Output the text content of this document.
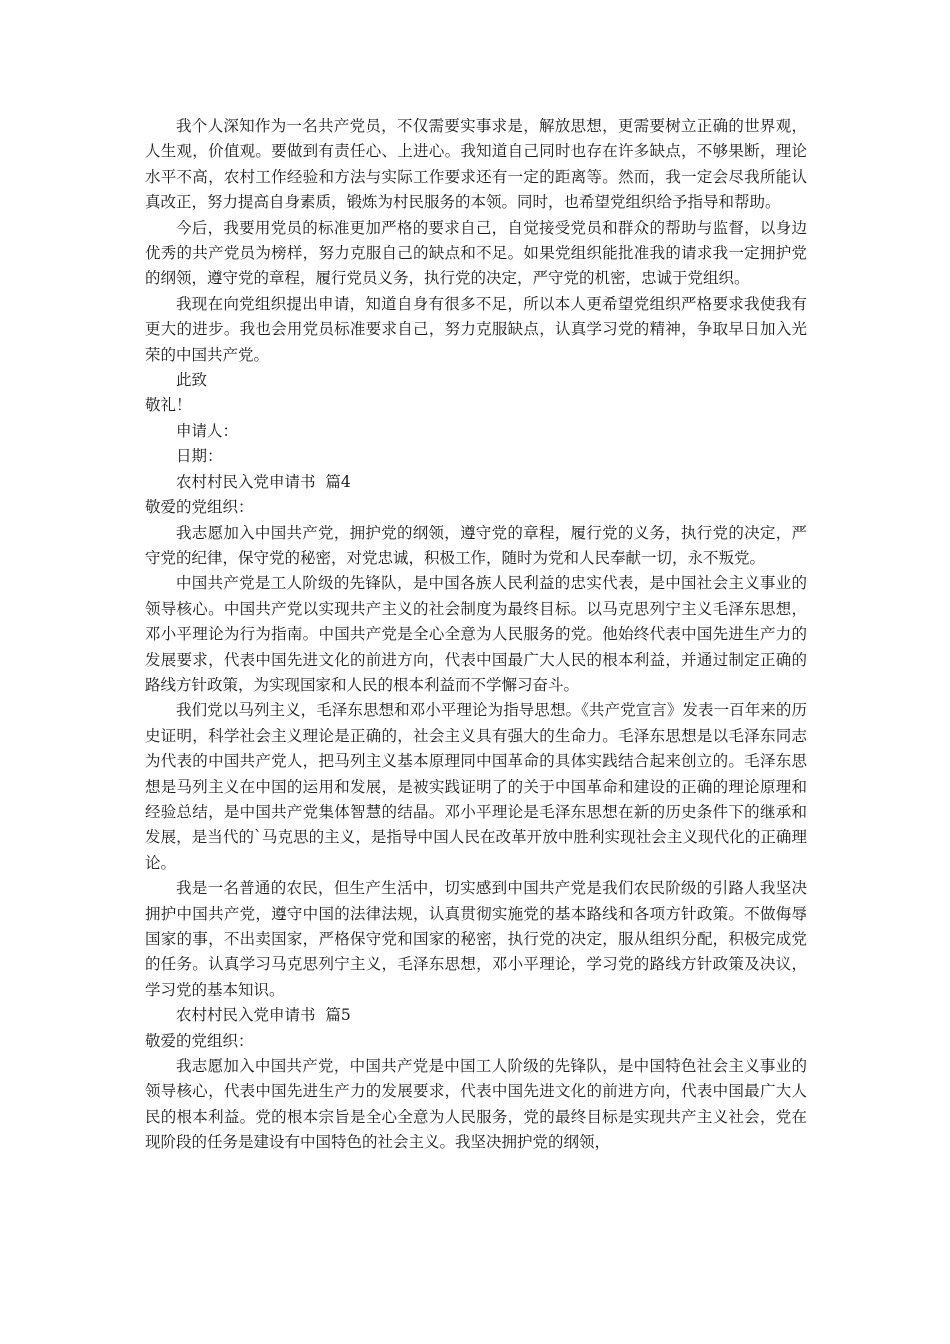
我个人深知作为一名共产党员，不仅需要实事求是，解放思想，更需要树立正确的世界观，人生观，价值观。要做到有责任心、上进心。我知道自己同时也存在许多缺点，不够果断，理论水平不高，农村工作经验和方法与实际工作要求还有一定的距离等。然而，我一定会尽我所能认真改正，努力提高自身素质，锻炼为村民服务的本领。同时，也希望党组织给予指导和帮助。

今后，我要用党员的标准更加严格的要求自己，自觉接受党员和群众的帮助与监督，以身边优秀的共产党员为榜样，努力克服自己的缺点和不足。如果党组织能批准我的请求我一定拥护党的纲领，遵守党的章程，履行党员义务，执行党的决定，严守党的机密，忠诚于党组织。

我现在向党组织提出申请，知道自身有很多不足，所以本人更希望党组织严格要求我使我有更大的进步。我也会用党员标准要求自己，努力克服缺点，认真学习党的精神，争取早日加入光荣的中国共产党。

此致

敬礼！

申请人：

日期：

农村村民入党申请书  篇4

敬爱的党组织：

我志愿加入中国共产党，拥护党的纲领，遵守党的章程，履行党的义务，执行党的决定，严守党的纪律，保守党的秘密，对党忠诚，积极工作，随时为党和人民奉献一切，永不叛党。

中国共产党是工人阶级的先锋队，是中国各族人民利益的忠实代表，是中国社会主义事业的领导核心。中国共产党以实现共产主义的社会制度为最终目标。以马克思列宁主义毛泽东思想，邓小平理论为行为指南。中国共产党是全心全意为人民服务的党。他始终代表中国先进生产力的发展要求，代表中国先进文化的前进方向，代表中国最广大人民的根本利益，并通过制定正确的路线方针政策，为实现国家和人民的根本利益而不学懈习奋斗。

我们党以马列主义，毛泽东思想和邓小平理论为指导思想。《共产党宣言》发表一百年来的历史证明，科学社会主义理论是正确的，社会主义具有强大的生命力。毛泽东思想是以毛泽东同志为代表的中国共产党人，把马列主义基本原理同中国革命的具体实践结合起来创立的。毛泽东思想是马列主义在中国的运用和发展，是被实践证明了的关于中国革命和建设的正确的理论原理和经验总结，是中国共产党集体智慧的结晶。邓小平理论是毛泽东思想在新的历史条件下的继承和发展，是当代的`马克思的主义，是指导中国人民在改革开放中胜利实现社会主义现代化的正确理论。

我是一名普通的农民，但生产生活中，切实感到中国共产党是我们农民阶级的引路人我坚决拥护中国共产党，遵守中国的法律法规，认真贯彻实施党的基本路线和各项方针政策。不做侮辱国家的事，不出卖国家，严格保守党和国家的秘密，执行党的决定，服从组织分配，积极完成党的任务。认真学习马克思列宁主义，毛泽东思想，邓小平理论，学习党的路线方针政策及决议，学习党的基本知识。

农村村民入党申请书  篇5

敬爱的党组织：

我志愿加入中国共产党，中国共产党是中国工人阶级的先锋队，是中国特色社会主义事业的领导核心，代表中国先进生产力的发展要求，代表中国先进文化的前进方向，代表中国最广大人民的根本利益。党的根本宗旨是全心全意为人民服务，党的最终目标是实现共产主义社会，党在现阶段的任务是建设有中国特色的社会主义。我坚决拥护党的纲领，
